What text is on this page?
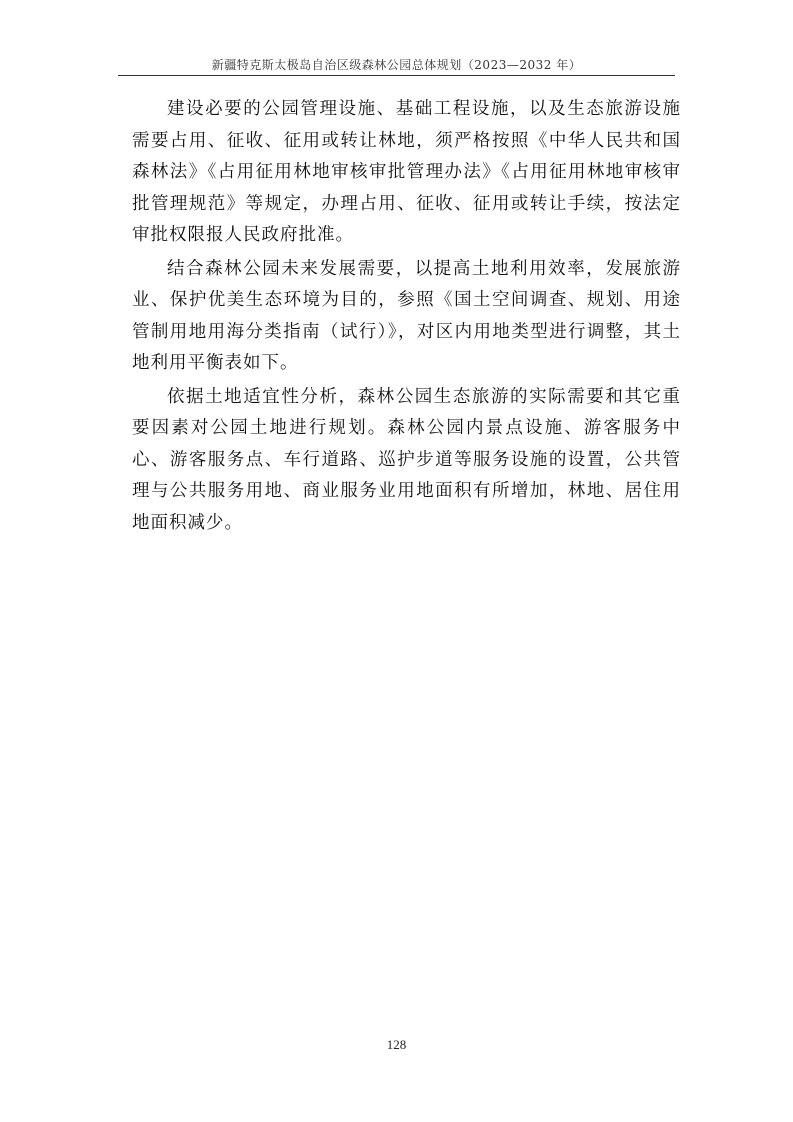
新疆特克斯太极岛自治区级森林公园总体规划（2023—2032 年）

建设必要的公园管理设施、基础工程设施，以及生态旅游设施需要占用、征收、征用或转让林地，须严格按照《中华人民共和国森林法》《占用征用林地审核审批管理办法》《占用征用林地审核审批管理规范》等规定，办理占用、征收、征用或转让手续，按法定审批权限报人民政府批准。

结合森林公园未来发展需要，以提高土地利用效率，发展旅游业、保护优美生态环境为目的，参照《国土空间调查、规划、用途管制用地用海分类指南（试行）》，对区内用地类型进行调整，其土地利用平衡表如下。

依据土地适宜性分析，森林公园生态旅游的实际需要和其它重要因素对公园土地进行规划。森林公园内景点设施、游客服务中心、游客服务点、车行道路、巡护步道等服务设施的设置，公共管理与公共服务用地、商业服务业用地面积有所增加，林地、居住用地面积减少。

128
